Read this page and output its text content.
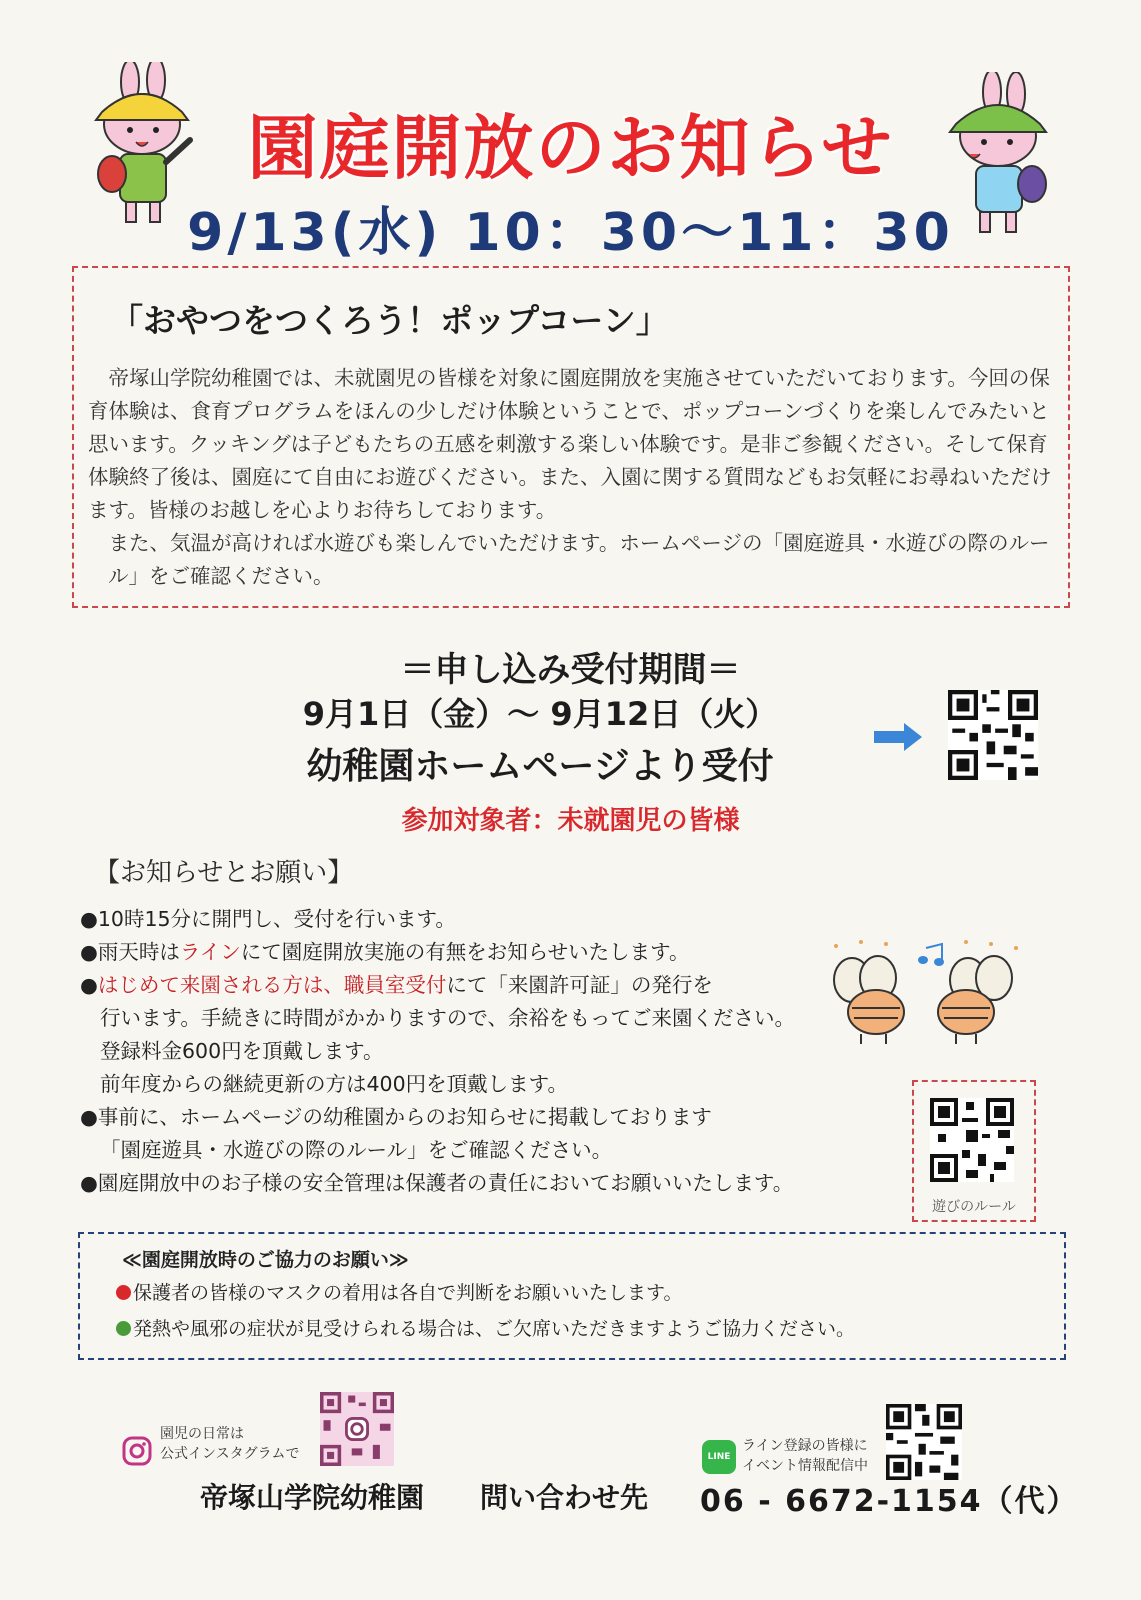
園庭開放のお知らせ
9/13(水) 10：30～11：30
「おやつをつくろう！ポップコーン」

　帝塚山学院幼稚園では、未就園児の皆様を対象に園庭開放を実施させていただいております。今回の保育体験は、食育プログラムをほんの少しだけ体験ということで、ポップコーンづくりを楽しんでみたいと思います。クッキングは子どもたちの五感を刺激する楽しい体験です。是非ご参観ください。そして保育体験終了後は、園庭にて自由にお遊びください。また、入園に関する質問などもお気軽にお尋ねいただけます。皆様のお越しを心よりお待ちしております。

　また、気温が高ければ水遊びも楽しんでいただけます。ホームページの「園庭遊具・水遊びの際のルール」をご確認ください。

＝申し込み受付期間＝
9月1日（金）～ 9月12日（火）
幼稚園ホームページより受付
参加対象者：未就園児の皆様
【お知らせとお願い】
●10時15分に開門し、受付を行います。
●雨天時はラインにて園庭開放実施の有無をお知らせいたします。
●はじめて来園される方は、職員室受付にて「来園許可証」の発行を
行います。手続きに時間がかかりますので、余裕をもってご来園ください。
登録料金600円を頂戴します。
前年度からの継続更新の方は400円を頂戴します。
●事前に、ホームページの幼稚園からのお知らせに掲載しております
「園庭遊具・水遊びの際のルール」をご確認ください。
●園庭開放中のお子様の安全管理は保護者の責任においてお願いいたします。
遊びのルール
≪園庭開放時のご協力のお願い≫
保護者の皆様のマスクの着用は各自で判断をお願いいたします。
発熱や風邪の症状が見受けられる場合は、ご欠席いただきますようご協力ください。
園児の日常は
公式インスタグラムで	LINE
ライン登録の皆様に
イベント情報配信中
帝塚山学院幼稚園 問い合わせ先 06 - 6672-1154（代）
